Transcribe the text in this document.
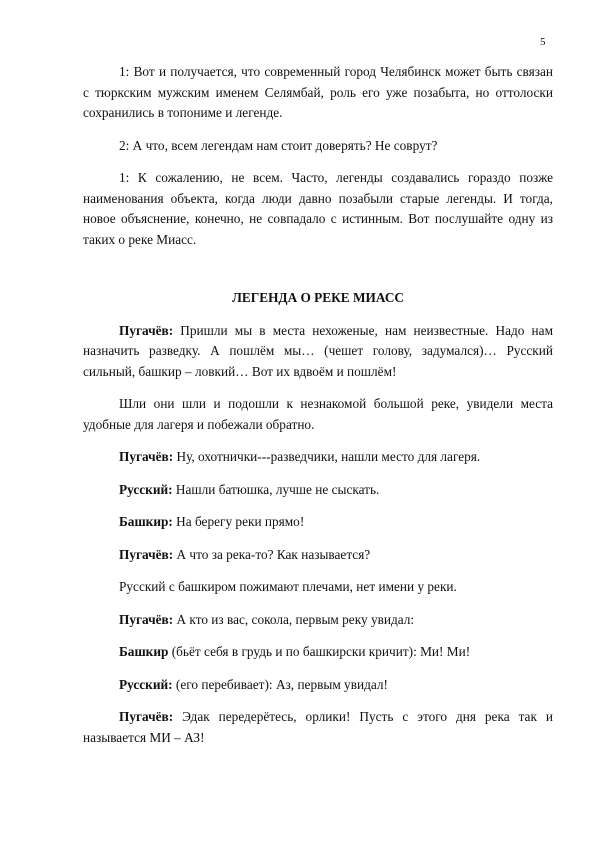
5

1: Вот и получается, что современный город Челябинск может быть связан с тюркским мужским именем Селямбай, роль его уже позабыта, но оттолоски сохранились в топониме и легенде.

2: А что, всем легендам нам стоит доверять? Не соврут?

1: К сожалению, не всем. Часто, легенды создавались гораздо позже наименования объекта, когда люди давно позабыли старые легенды. И тогда, новое объяснение, конечно, не совпадало с истинным. Вот послушайте одну из таких о реке Миасс.

ЛЕГЕНДА О РЕКЕ МИАСС

Пугачёв: Пришли мы в места нехоженые, нам неизвестные. Надо нам назначить разведку. А пошлём мы… (чешет голову, задумался)… Русский сильный, башкир – ловкий… Вот их вдвоём и пошлём!

Шли они шли и подошли к незнакомой большой реке, увидели места удобные для лагеря и побежали обратно.

Пугачёв: Ну, охотнички---разведчики, нашли место для лагеря.

Русский: Нашли батюшка, лучше не сыскать.

Башкир: На берегу реки прямо!

Пугачёв: А что за река-то? Как называется?

Русский с башкиром пожимают плечами, нет имени у реки.

Пугачёв: А кто из вас, сокола, первым реку увидал:

Башкир (бьёт себя в грудь и по башкирски кричит): Ми! Ми!

Русский: (его перебивает): Аз, первым увидал!

Пугачёв: Эдак передерётесь, орлики! Пусть с этого дня река так и называется МИ – АЗ!
